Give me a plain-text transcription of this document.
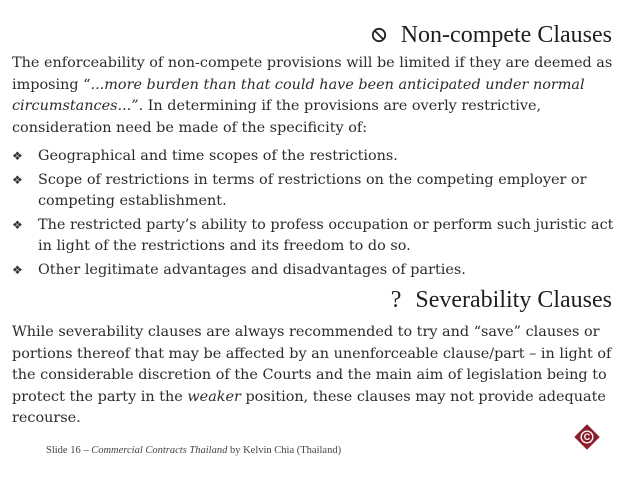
Non-compete Clauses
The enforceability of non-compete provisions will be limited if they are deemed as imposing “...more burden than that could have been anticipated under normal circumstances...”. In determining if the provisions are overly restrictive, consideration need be made of the specificity of:
❖ Geographical and time scopes of the restrictions.
❖ Scope of restrictions in terms of restrictions on the competing employer or competing establishment.
❖ The restricted party’s ability to profess occupation or perform such juristic act in light of the restrictions and its freedom to do so.
❖ Other legitimate advantages and disadvantages of parties.
? Severability Clauses
While severability clauses are always recommended to try and “save” clauses or portions thereof that may be affected by an unenforceable clause/part – in light of the considerable discretion of the Courts and the main aim of legislation being to protect the party in the weaker position, these clauses may not provide adequate recourse.
Slide 16 – Commercial Contracts Thailand by Kelvin Chia (Thailand)
C
